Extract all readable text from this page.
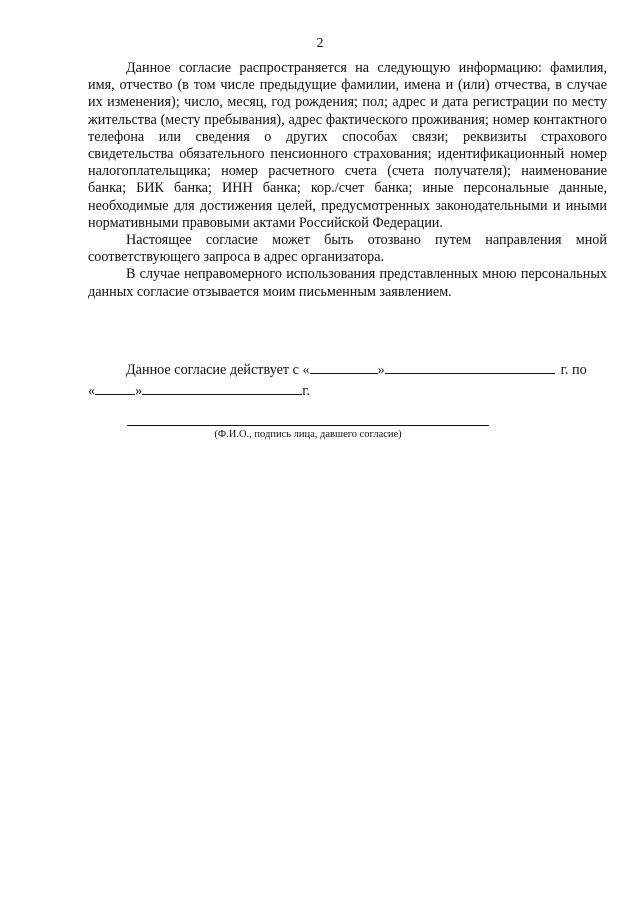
2

Данное согласие распространяется на следующую информацию: фамилия, имя, отчество (в том числе предыдущие фамилии, имена и (или) отчества, в случае их изменения); число, месяц, год рождения; пол; адрес и дата регистрации по месту жительства (месту пребывания), адрес фактического проживания; номер контактного телефона или сведения о других способах связи; реквизиты страхового свидетельства обязательного пенсионного страхования; идентификационный номер налогоплательщика; номер расчетного счета (счета получателя); наименование банка; БИК банка; ИНН банка; кор./счет банка; иные персональные данные, необходимые для достижения целей, предусмотренных законодательными и иными нормативными правовыми актами Российской Федерации.

Настоящее согласие может быть отозвано путем направления мной соответствующего запроса в адрес организатора.

В случае неправомерного использования представленных мною персональных данных согласие отзывается моим письменным заявлением.

Данное согласие действует с «	»	г. по
«	»	г.
(Ф.И.О., подпись лица, давшего согласие)
